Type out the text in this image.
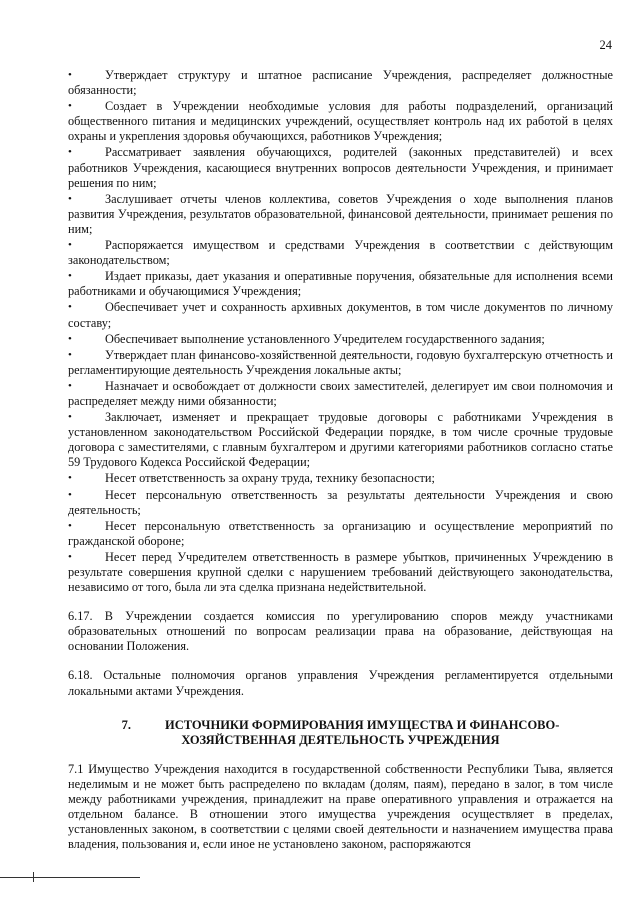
24
•	Утверждает структуру и штатное расписание Учреждения, распределяет должностные обязанности;
•	Создает в Учреждении необходимые условия для работы подразделений, организаций общественного питания и медицинских учреждений, осуществляет контроль над их работой в целях охраны и укрепления здоровья обучающихся, работников Учреждения;
•	Рассматривает заявления обучающихся, родителей (законных представителей) и всех работников Учреждения, касающиеся внутренних вопросов деятельности Учреждения, и принимает решения по ним;
•	Заслушивает отчеты членов коллектива, советов Учреждения о ходе выполнения планов развития Учреждения, результатов образовательной, финансовой деятельности, принимает решения по ним;
•	Распоряжается имуществом и средствами Учреждения в соответствии с действующим законодательством;
•	Издает приказы, дает указания и оперативные поручения, обязательные для исполнения всеми работниками и обучающимися Учреждения;
•	Обеспечивает учет и сохранность архивных документов, в том числе документов по личному составу;
•	Обеспечивает выполнение установленного Учредителем государственного задания;
•	Утверждает план финансово-хозяйственной деятельности, годовую бухгалтерскую отчетность и регламентирующие деятельность Учреждения локальные акты;
•	Назначает и освобождает от должности своих заместителей, делегирует им свои полномочия и распределяет между ними обязанности;
•	Заключает, изменяет и прекращает трудовые договоры с работниками Учреждения в установленном законодательством Российской Федерации порядке, в том числе срочные трудовые договора с заместителями, с главным бухгалтером и другими категориями работников согласно статье 59 Трудового Кодекса Российской Федерации;
•	Несет ответственность за охрану труда, технику безопасности;
•	Несет персональную ответственность за результаты деятельности Учреждения и свою деятельность;
•	Несет персональную ответственность за организацию и осуществление мероприятий по гражданской обороне;
•	Несет перед Учредителем ответственность в размере убытков, причиненных Учреждению в результате совершения крупной сделки с нарушением требований действующего законодательства, независимо от того, была ли эта сделка признана недействительной.

6.17. В Учреждении создается комиссия по урегулированию споров между участниками образовательных отношений по вопросам реализации права на образование, действующая на основании Положения.

6.18. Остальные полномочия органов управления Учреждения регламентируется отдельными локальными актами Учреждения.

7.	ИСТОЧНИКИ ФОРМИРОВАНИЯ ИМУЩЕСТВА И ФИНАНСОВО-ХОЗЯЙСТВЕННАЯ ДЕЯТЕЛЬНОСТЬ УЧРЕЖДЕНИЯ

7.1 Имущество Учреждения находится в государственной собственности Республики Тыва, является неделимым и не может быть распределено по вкладам (долям, паям), передано в залог, в том числе между работниками учреждения, принадлежит на праве оперативного управления и отражается на отдельном балансе. В отношении этого имущества учреждения осуществляет в пределах, установленных законом, в соответствии с целями своей деятельности и назначением имущества права владения, пользования и, если иное не установлено законом, распоряжаются
